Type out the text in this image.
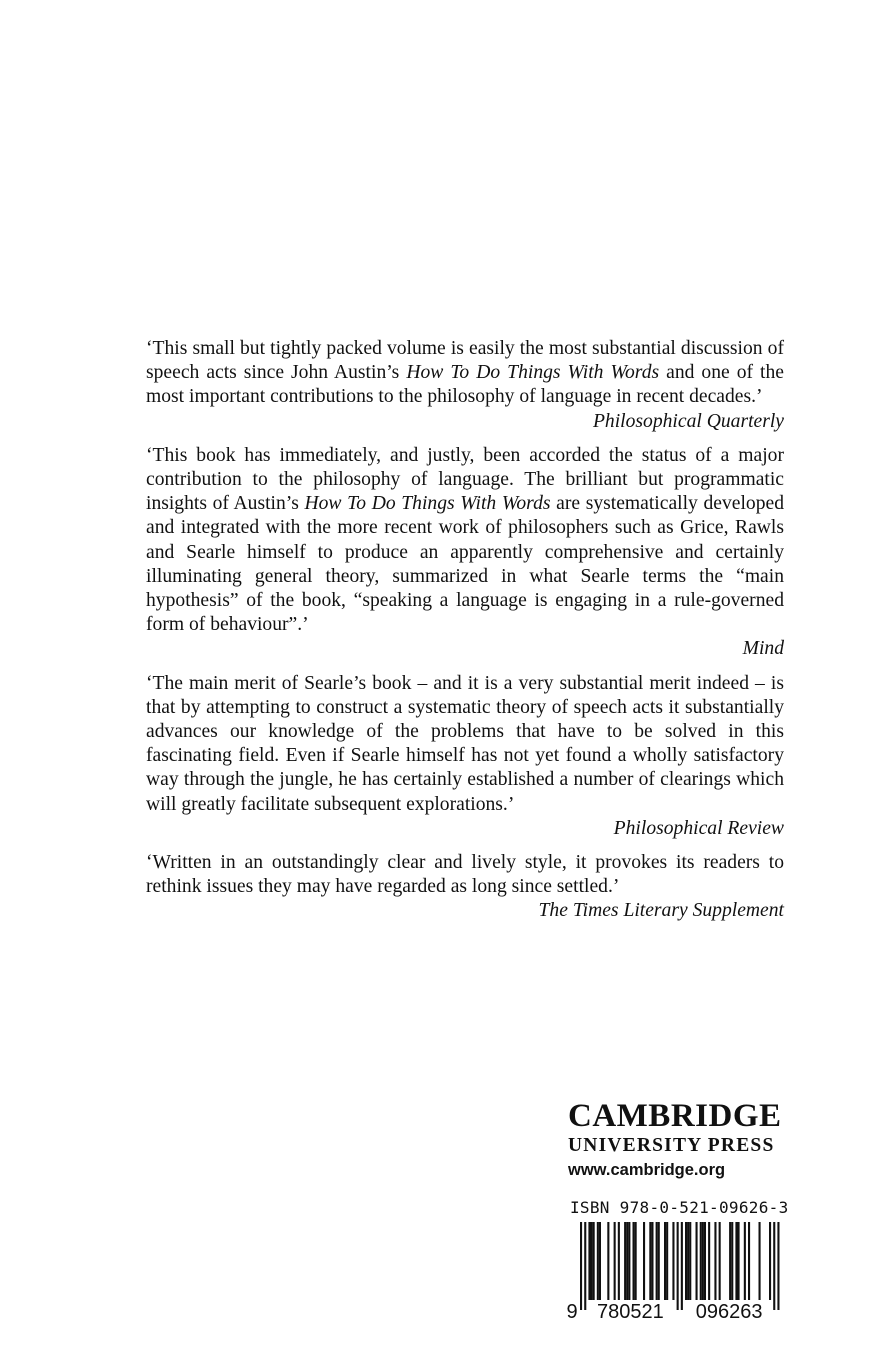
‘This small but tightly packed volume is easily the most substantial discussion of speech acts since John Austin’s How To Do Things With Words and one of the most important contributions to the philosophy of language in recent decades.’
Philosophical Quarterly

‘This book has immediately, and justly, been accorded the status of a major contribution to the philosophy of language. The brilliant but programmatic insights of Austin’s How To Do Things With Words are systematically developed and integrated with the more recent work of philosophers such as Grice, Rawls and Searle himself to produce an apparently comprehensive and certainly illuminating general theory, summarized in what Searle terms the “main hypothesis” of the book, “speaking a language is engaging in a rule-governed form of behaviour”.’

Mind

‘The main merit of Searle’s book – and it is a very substantial merit indeed – is that by attempting to construct a systematic theory of speech acts it substantially advances our knowledge of the problems that have to be solved in this fascinating field. Even if Searle himself has not yet found a wholly satisfactory way through the jungle, he has certainly established a number of clearings which will greatly facilitate subsequent explorations.’

Philosophical Review

‘Written in an outstandingly clear and lively style, it provokes its readers to rethink issues they may have regarded as long since settled.’

The Times Literary Supplement
CAMBRIDGE
UNIVERSITY PRESS
www.cambridge.org
ISBN 978-0-521-09626-3
9 780521 096263
